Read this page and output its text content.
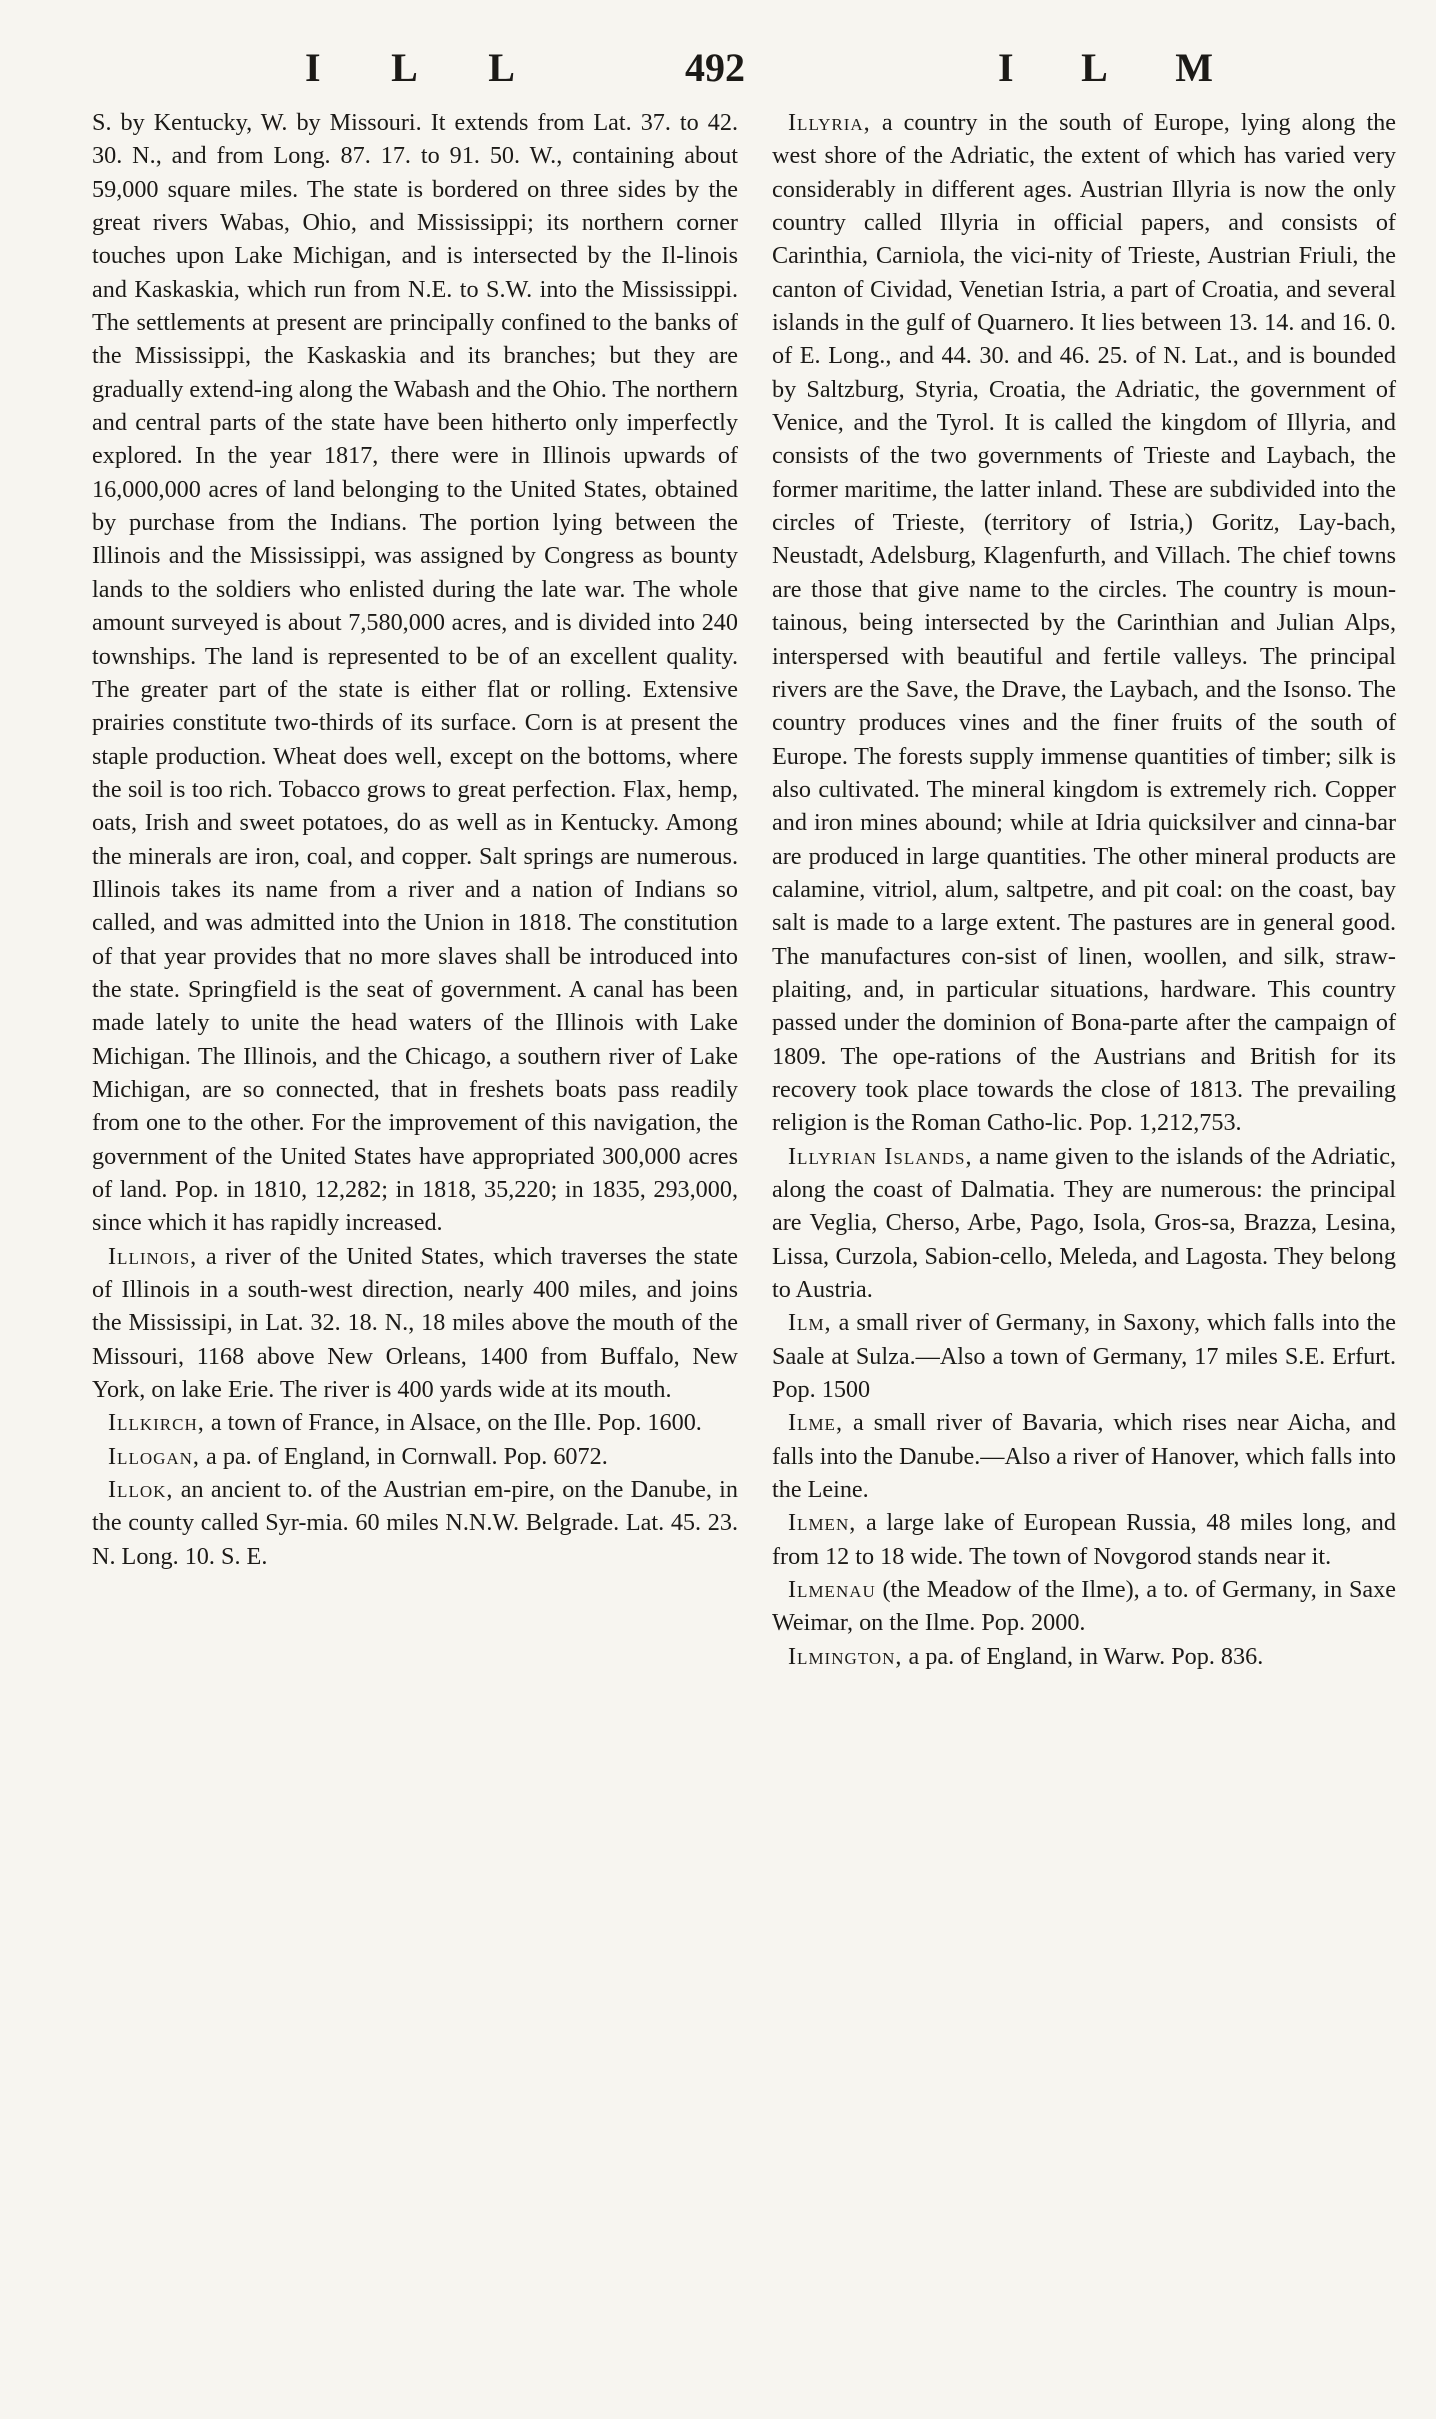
I L L	492	I L M

S. by Kentucky, W. by Missouri. It extends from Lat. 37. to 42. 30. N., and from Long. 87. 17. to 91. 50. W., containing about 59,000 square miles. The state is bordered on three sides by the great rivers Wabas, Ohio, and Mississippi; its northern corner touches upon Lake Michigan, and is intersected by the Il-linois and Kaskaskia, which run from N.E. to S.W. into the Mississippi. The settlements at present are principally confined to the banks of the Mississippi, the Kaskaskia and its branches; but they are gradually extend-ing along the Wabash and the Ohio. The northern and central parts of the state have been hitherto only imperfectly explored. In the year 1817, there were in Illinois upwards of 16,000,000 acres of land belonging to the United States, obtained by purchase from the Indians. The portion lying between the Illinois and the Mississippi, was assigned by Congress as bounty lands to the soldiers who enlisted during the late war. The whole amount surveyed is about 7,580,000 acres, and is divided into 240 townships. The land is represented to be of an excellent quality. The greater part of the state is either flat or rolling. Extensive prairies constitute two-thirds of its surface. Corn is at present the staple production. Wheat does well, except on the bottoms, where the soil is too rich. Tobacco grows to great perfection. Flax, hemp, oats, Irish and sweet potatoes, do as well as in Kentucky. Among the minerals are iron, coal, and copper. Salt springs are numerous. Illinois takes its name from a river and a nation of Indians so called, and was admitted into the Union in 1818. The constitution of that year provides that no more slaves shall be introduced into the state. Springfield is the seat of government. A canal has been made lately to unite the head waters of the Illinois with Lake Michigan. The Illinois, and the Chicago, a southern river of Lake Michigan, are so connected, that in freshets boats pass readily from one to the other. For the improvement of this navigation, the government of the United States have appropriated 300,000 acres of land. Pop. in 1810, 12,282; in 1818, 35,220; in 1835, 293,000, since which it has rapidly increased.

Illinois, a river of the United States, which traverses the state of Illinois in a south-west direction, nearly 400 miles, and joins the Mississipi, in Lat. 32. 18. N., 18 miles above the mouth of the Missouri, 1168 above New Orleans, 1400 from Buffalo, New York, on lake Erie. The river is 400 yards wide at its mouth.

Illkirch, a town of France, in Alsace, on the Ille. Pop. 1600.

Illogan, a pa. of England, in Cornwall. Pop. 6072.

Illok, an ancient to. of the Austrian em-pire, on the Danube, in the county called Syr-mia. 60 miles N.N.W. Belgrade. Lat. 45. 23. N. Long. 10. S. E.

Illyria, a country in the south of Europe, lying along the west shore of the Adriatic, the extent of which has varied very considerably in different ages. Austrian Illyria is now the only country called Illyria in official papers, and consists of Carinthia, Carniola, the vici-nity of Trieste, Austrian Friuli, the canton of Cividad, Venetian Istria, a part of Croatia, and several islands in the gulf of Quarnero. It lies between 13. 14. and 16. 0. of E. Long., and 44. 30. and 46. 25. of N. Lat., and is bounded by Saltzburg, Styria, Croatia, the Adriatic, the government of Venice, and the Tyrol. It is called the kingdom of Illyria, and consists of the two governments of Trieste and Laybach, the former maritime, the latter inland. These are subdivided into the circles of Trieste, (territory of Istria,) Goritz, Lay-bach, Neustadt, Adelsburg, Klagenfurth, and Villach. The chief towns are those that give name to the circles. The country is moun-tainous, being intersected by the Carinthian and Julian Alps, interspersed with beautiful and fertile valleys. The principal rivers are the Save, the Drave, the Laybach, and the Isonso. The country produces vines and the finer fruits of the south of Europe. The forests supply immense quantities of timber; silk is also cultivated. The mineral kingdom is extremely rich. Copper and iron mines abound; while at Idria quicksilver and cinna-bar are produced in large quantities. The other mineral products are calamine, vitriol, alum, saltpetre, and pit coal: on the coast, bay salt is made to a large extent. The pastures are in general good. The manufactures con-sist of linen, woollen, and silk, straw-plaiting, and, in particular situations, hardware. This country passed under the dominion of Bona-parte after the campaign of 1809. The ope-rations of the Austrians and British for its recovery took place towards the close of 1813. The prevailing religion is the Roman Catho-lic. Pop. 1,212,753.

Illyrian Islands, a name given to the islands of the Adriatic, along the coast of Dalmatia. They are numerous: the principal are Veglia, Cherso, Arbe, Pago, Isola, Gros-sa, Brazza, Lesina, Lissa, Curzola, Sabion-cello, Meleda, and Lagosta. They belong to Austria.

Ilm, a small river of Germany, in Saxony, which falls into the Saale at Sulza.—Also a town of Germany, 17 miles S.E. Erfurt. Pop. 1500

Ilme, a small river of Bavaria, which rises near Aicha, and falls into the Danube.—Also a river of Hanover, which falls into the Leine.

Ilmen, a large lake of European Russia, 48 miles long, and from 12 to 18 wide. The town of Novgorod stands near it.

Ilmenau (the Meadow of the Ilme), a to. of Germany, in Saxe Weimar, on the Ilme. Pop. 2000.

Ilmington, a pa. of England, in Warw. Pop. 836.
